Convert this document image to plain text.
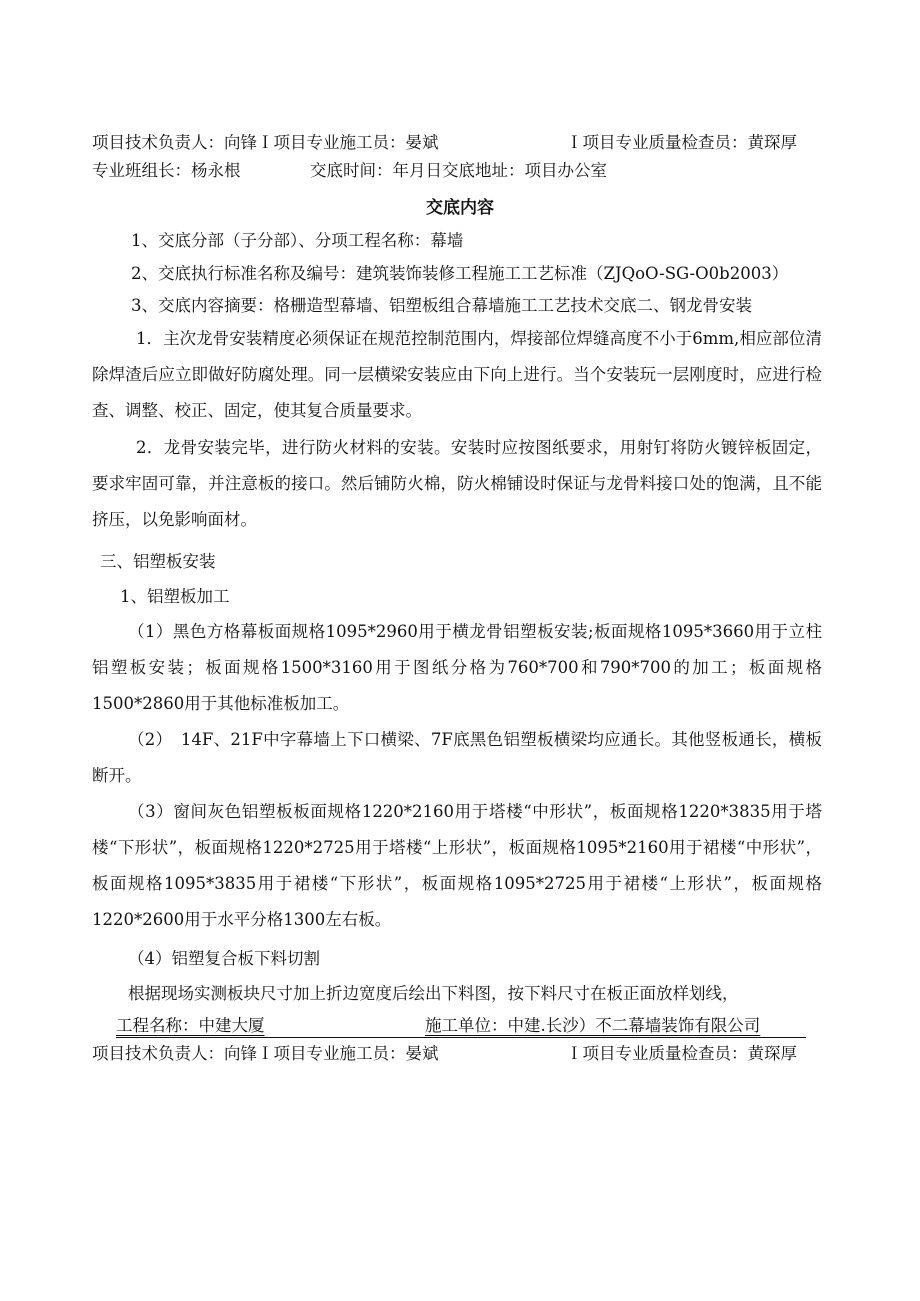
项目技术负责人：向锋Ｉ项目专业施工员：晏斌	Ｉ项目专业质量检查员：黄琛厚
专业班组长：杨永根	交底时间：年月日交底地址：项目办公室
交底内容
1、交底分部（子分部）、分项工程名称：幕墙
2、交底执行标准名称及编号：建筑装饰装修工程施工工艺标准（ZJQoO-SG-O0b2003）
3、交底内容摘要：格栅造型幕墙、铝塑板组合幕墙施工工艺技术交底二、钢龙骨安装
1．主次龙骨安装精度必须保证在规范控制范围内，焊接部位焊缝高度不小于6mm,相应部位清除焊渣后应立即做好防腐处理。同一层横梁安装应由下向上进行。当个安装玩一层刚度时，应进行检查、调整、校正、固定，使其复合质量要求。
2．龙骨安装完毕，进行防火材料的安装。安装时应按图纸要求，用射钉将防火镀锌板固定，要求牢固可靠，并注意板的接口。然后铺防火棉，防火棉铺设时保证与龙骨料接口处的饱满，且不能挤压，以免影响面材。
三、铝塑板安装
1、铝塑板加工
（1）黑色方格幕板面规格1095*2960用于横龙骨铝塑板安装;板面规格1095*3660用于立柱铝塑板安装；板面规格1500*3160用于图纸分格为760*700和790*700的加工；板面规格1500*2860用于其他标准板加工。
（2）　14F、21F中字幕墙上下口横梁、7F底黑色铝塑板横梁均应通长。其他竖板通长，横板断开。
（3）窗间灰色铝塑板板面规格1220*2160用于塔楼“中形状”，板面规格1220*3835用于塔楼“下形状”，板面规格1220*2725用于塔楼“上形状”，板面规格1095*2160用于裙楼“中形状”，板面规格1095*3835用于裙楼“下形状”，板面规格1095*2725用于裙楼“上形状”，板面规格1220*2600用于水平分格1300左右板。
（4）铝塑复合板下料切割
根据现场实测板块尺寸加上折边宽度后绘出下料图，按下料尺寸在板正面放样划线，
工程名称：中建大厦	施工单位：中建.长沙）不二幕墙装饰有限公司
项目技术负责人：向锋Ｉ项目专业施工员：晏斌	Ｉ项目专业质量检查员：黄琛厚
